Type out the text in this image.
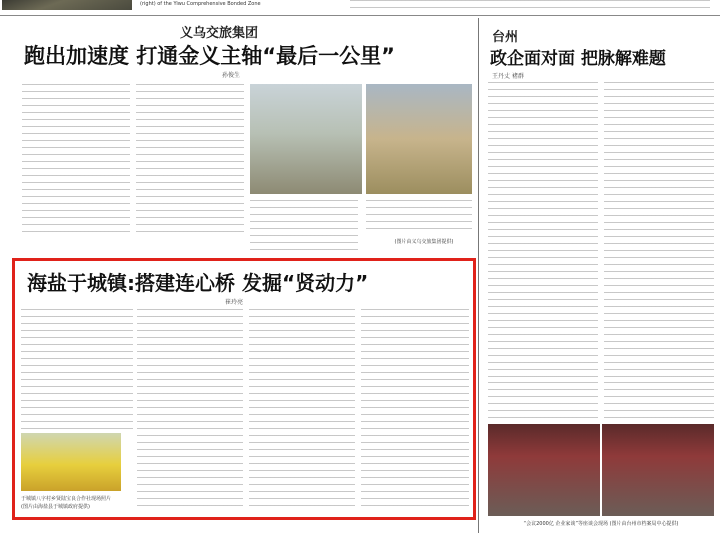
(right) of the Yiwu Comprehensive Bonded Zone
义乌交旅集团
跑出加速度 打通金义主轴“最后一公里”
孙俊生
(图片由义乌交旅集团提供)
台州
政企面对面 把脉解难题
王丹丈 褚群
“会议2000亿 企业家谈”等座谈会现场 (图片由台州市档案局中心提供)
海盐于城镇:搭建连心桥 发掘“贤动力”
崔玲亮
于城镇八字村乡贤陆宝良合作社现场照片
(图片由海盐县于城镇政府提供)
